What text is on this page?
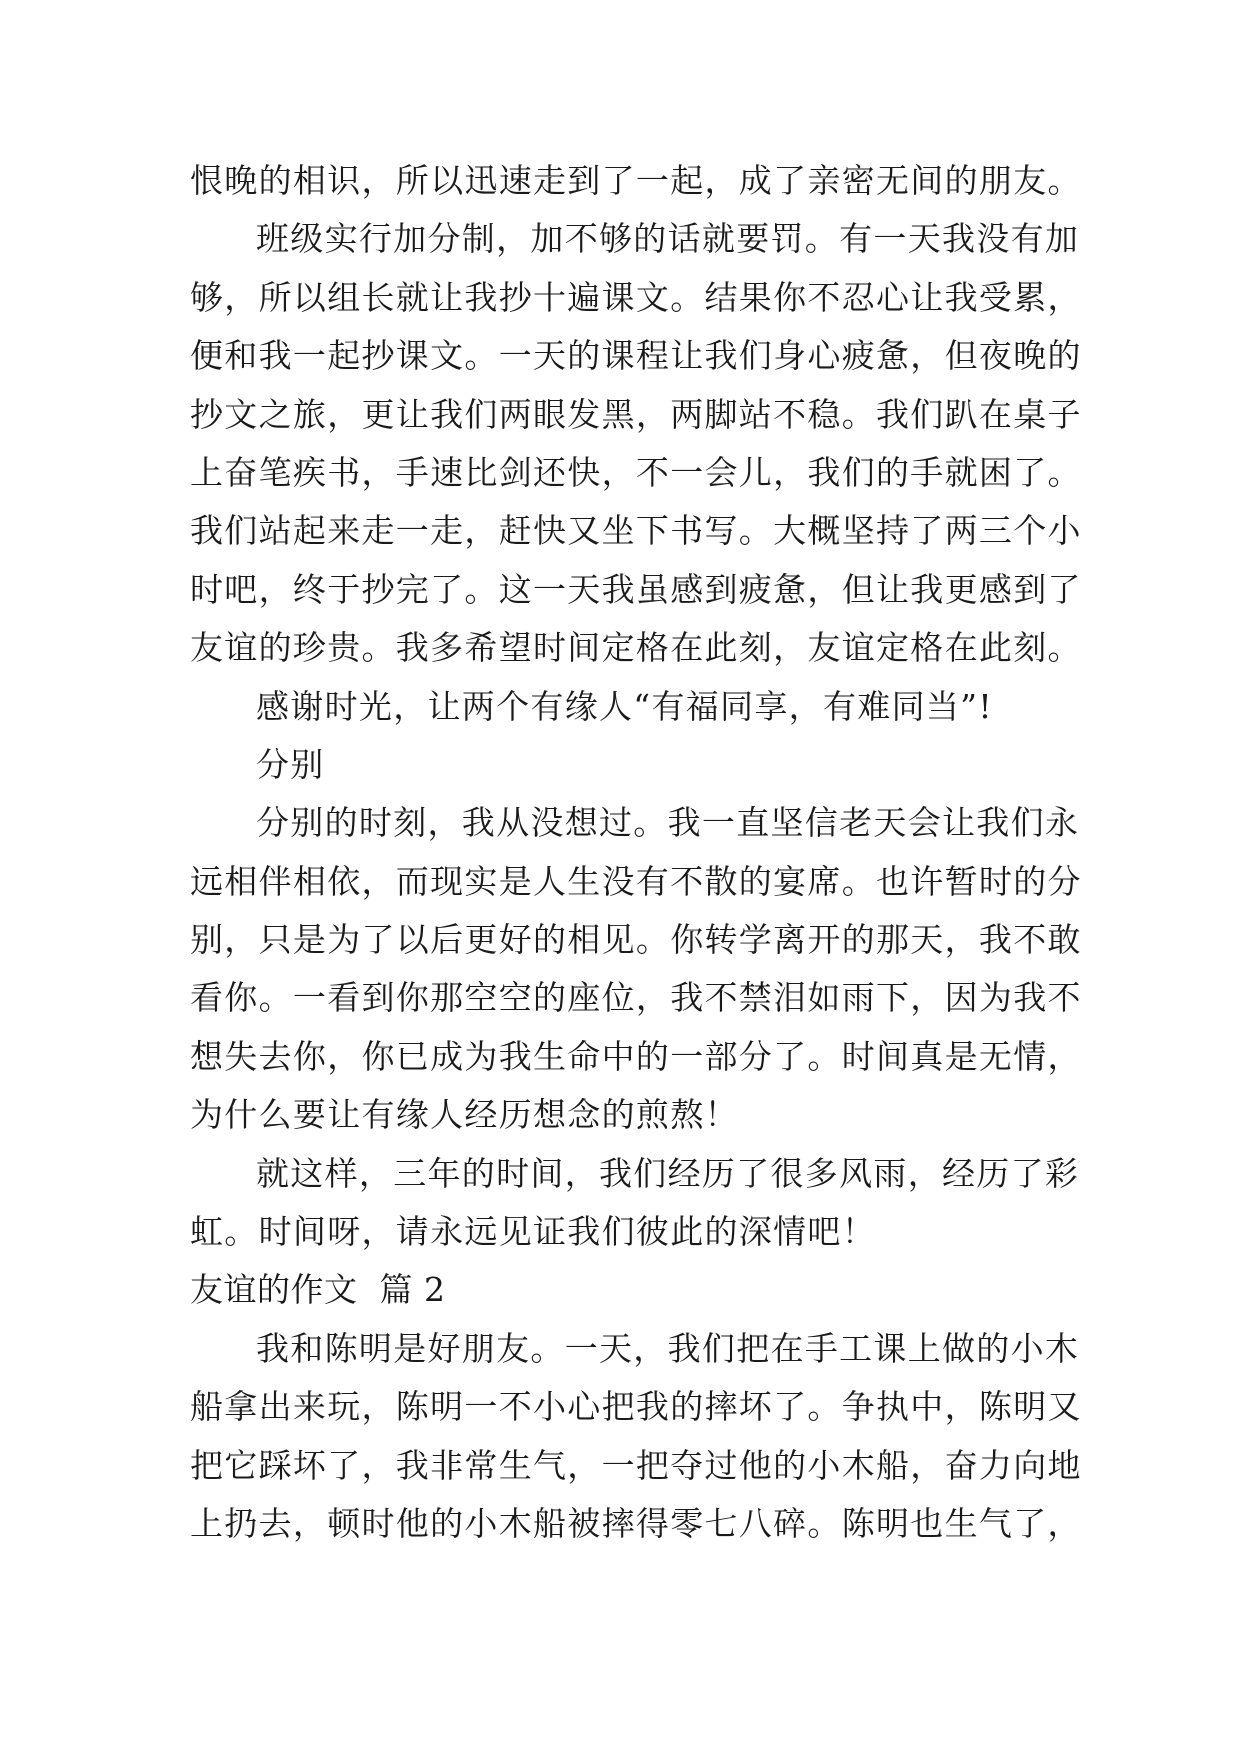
恨晚的相识，所以迅速走到了一起，成了亲密无间的朋友。
班级实行加分制，加不够的话就要罚。有一天我没有加
够，所以组长就让我抄十遍课文。结果你不忍心让我受累，
便和我一起抄课文。一天的课程让我们身心疲惫，但夜晚的
抄文之旅，更让我们两眼发黑，两脚站不稳。我们趴在桌子
上奋笔疾书，手速比剑还快，不一会儿，我们的手就困了。
我们站起来走一走，赶快又坐下书写。大概坚持了两三个小
时吧，终于抄完了。这一天我虽感到疲惫，但让我更感到了
友谊的珍贵。我多希望时间定格在此刻，友谊定格在此刻。
感谢时光，让两个有缘人“有福同享，有难同当”!
分别
分别的时刻，我从没想过。我一直坚信老天会让我们永
远相伴相依，而现实是人生没有不散的宴席。也许暂时的分
别，只是为了以后更好的相见。你转学离开的那天，我不敢
看你。一看到你那空空的座位，我不禁泪如雨下，因为我不
想失去你，你已成为我生命中的一部分了。时间真是无情，
为什么要让有缘人经历想念的煎熬！
就这样，三年的时间，我们经历了很多风雨，经历了彩
虹。时间呀，请永远见证我们彼此的深情吧！
友谊的作文  篇 2
我和陈明是好朋友。一天，我们把在手工课上做的小木
船拿出来玩，陈明一不小心把我的摔坏了。争执中，陈明又
把它踩坏了，我非常生气，一把夺过他的小木船，奋力向地
上扔去，顿时他的小木船被摔得零七八碎。陈明也生气了，
